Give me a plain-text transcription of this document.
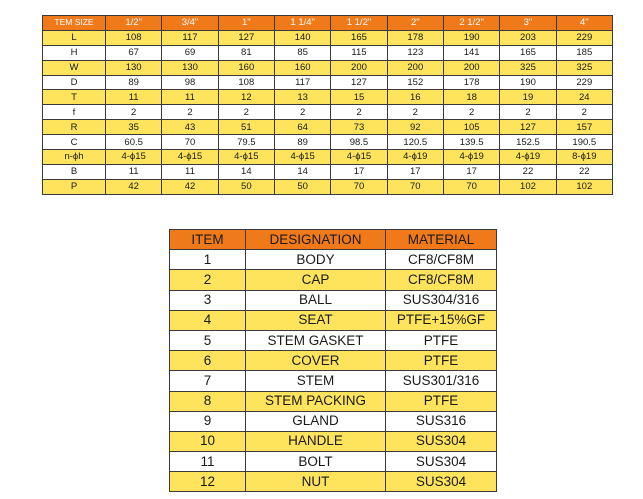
TEM SIZE	1/2"	3/4"	1"	1 1/4"	1 1/2"	2"	2 1/2"	3"	4"
L	108	117	127	140	165	178	190	203	229
H	67	69	81	85	115	123	141	165	185
W	130	130	160	160	200	200	200	325	325
D	89	98	108	117	127	152	178	190	229
T	11	11	12	13	15	16	18	19	24
f	2	2	2	2	2	2	2	2	2
R	35	43	51	64	73	92	105	127	157
C	60.5	70	79.5	89	98.5	120.5	139.5	152.5	190.5
n-ϕh	4-ϕ15	4-ϕ15	4-ϕ15	4-ϕ15	4-ϕ15	4-ϕ19	4-ϕ19	4-ϕ19	8-ϕ19
B	11	11	14	14	17	17	17	22	22
P	42	42	50	50	70	70	70	102	102
ITEM	DESIGNATION	MATERIAL
1	BODY	CF8/CF8M
2	CAP	CF8/CF8M
3	BALL	SUS304/316
4	SEAT	PTFE+15%GF
5	STEM GASKET	PTFE
6	COVER	PTFE
7	STEM	SUS301/316
8	STEM PACKING	PTFE
9	GLAND	SUS316
10	HANDLE	SUS304
11	BOLT	SUS304
12	NUT	SUS304
